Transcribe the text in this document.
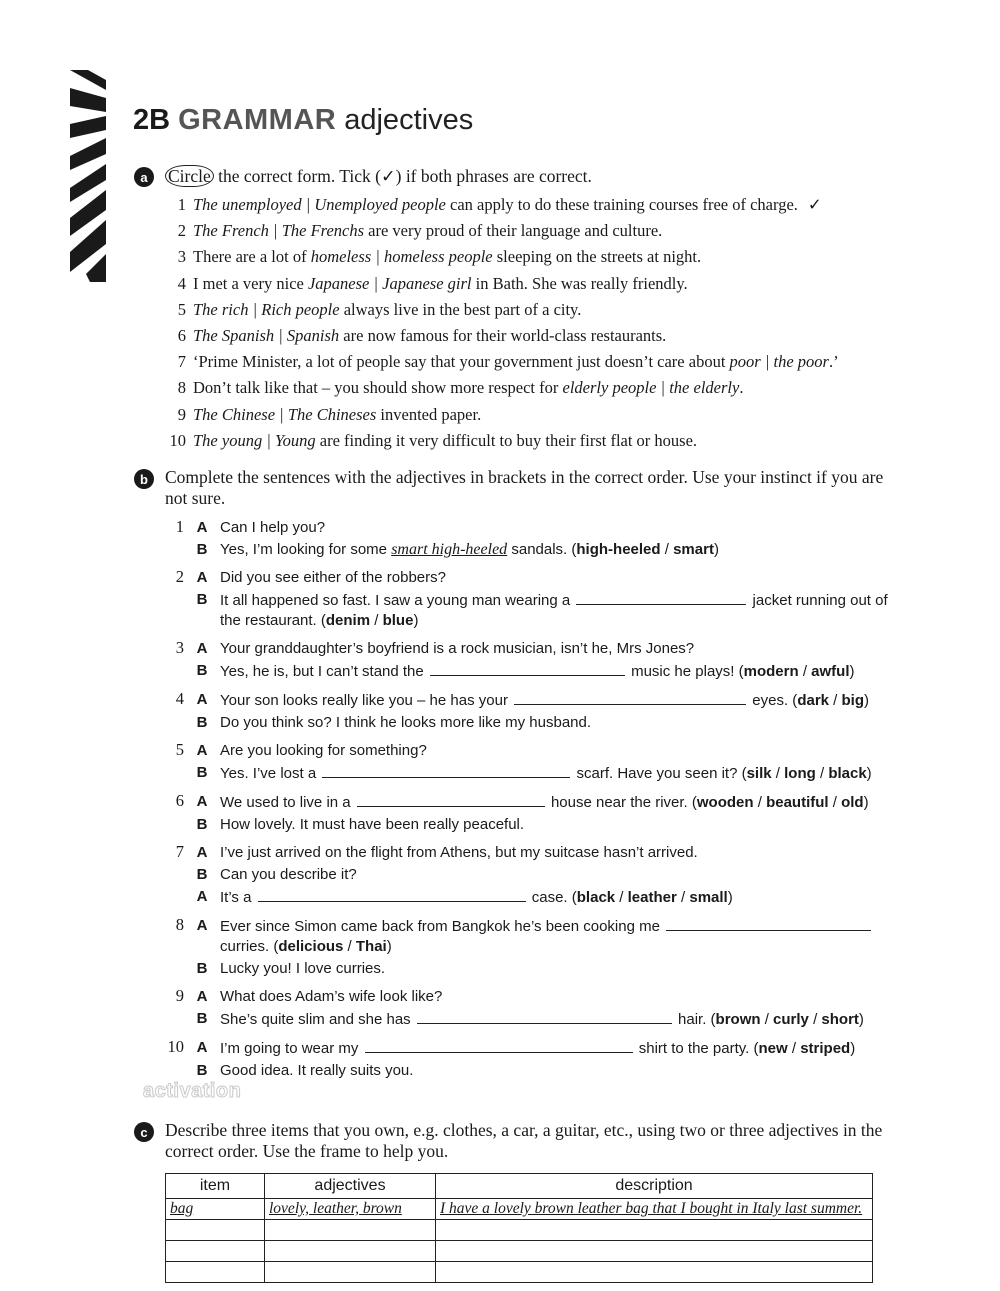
2B GRAMMAR adjectives
a	Circle the correct form. Tick (✓) if both phrases are correct.
1 The unemployed | Unemployed people can apply to do these training courses free of charge. ✓
2 The French | The Frenchs are very proud of their language and culture.
3 There are a lot of homeless | homeless people sleeping on the streets at night.
4 I met a very nice Japanese | Japanese girl in Bath. She was really friendly.
5 The rich | Rich people always live in the best part of a city.
6 The Spanish | Spanish are now famous for their world-class restaurants.
7 ‘Prime Minister, a lot of people say that your government just doesn’t care about poor | the poor.’
8 Don’t talk like that – you should show more respect for elderly people | the elderly.
9 The Chinese | The Chineses invented paper.
10 The young | Young are finding it very difficult to buy their first flat or house.
b Complete the sentences with the adjectives in brackets in the correct order. Use your instinct if you are not sure.
1 A Can I help you?
B Yes, I’m looking for some smart high-heeled sandals. (high-heeled / smart)
2 A Did you see either of the robbers?
B It all happened so fast. I saw a young man wearing a	jacket running out of the restaurant. (denim / blue)
3 A Your granddaughter’s boyfriend is a rock musician, isn’t he, Mrs Jones?
B Yes, he is, but I can’t stand the	music he plays! (modern / awful)
4 A Your son looks really like you – he has your	eyes. (dark / big)
B Do you think so? I think he looks more like my husband.
5 A Are you looking for something?
B Yes. I’ve lost a	scarf. Have you seen it? (silk / long / black)
6 A We used to live in a	house near the river. (wooden / beautiful / old)
B How lovely. It must have been really peaceful.
7 A I’ve just arrived on the flight from Athens, but my suitcase hasn’t arrived.
B Can you describe it?
A It’s a	case. (black / leather / small)
8 A Ever since Simon came back from Bangkok he’s been cooking me  curries. (delicious / Thai)
B Lucky you! I love curries.
9 A What does Adam’s wife look like?
B She’s quite slim and she has	hair. (brown / curly / short)
10 A I’m going to wear my	shirt to the party. (new / striped)
B Good idea. It really suits you.
activation
c Describe three items that you own, e.g. clothes, a car, a guitar, etc., using two or three adjectives in the correct order. Use the frame to help you.
item	adjectives	description
bag	lovely, leather, brown	I have a lovely brown leather bag that I bought in Italy last summer.
